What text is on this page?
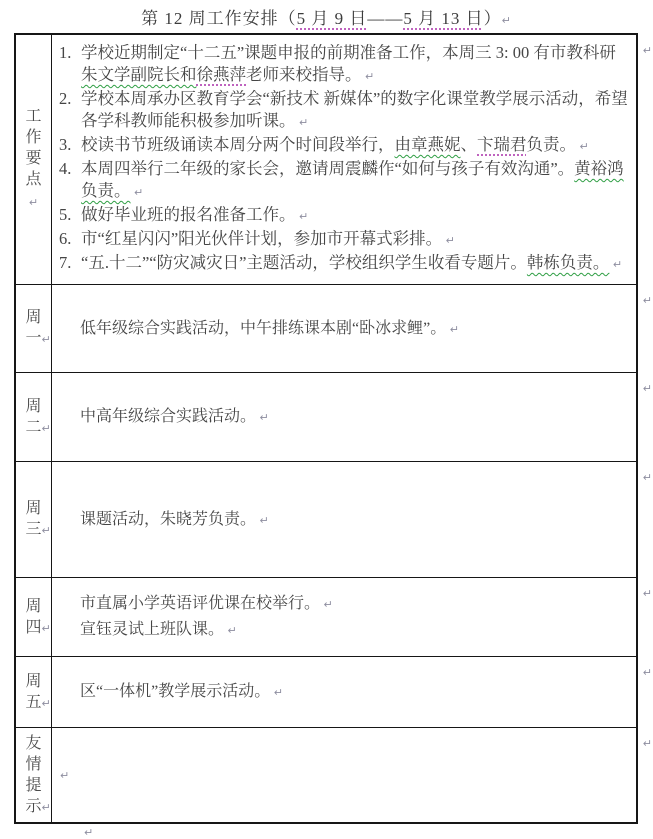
第 12 周工作安排（5 月 9 日——5 月 13 日）↵
工作要点 ↵
1. 学校近期制定“十二五”课题申报的前期准备工作，本周三 3: 00 有市教科研朱文学副院长和徐燕萍老师来校指导。 ↵
2. 学校本周承办区教育学会“新技术 新媒体”的数字化课堂教学展示活动，希望各学科教师能积极参加听课。 ↵
3. 校读书节班级诵读本周分两个时间段举行，由章燕妮、卞瑞君负责。 ↵
4. 本周四举行二年级的家长会，邀请周震麟作“如何与孩子有效沟通”。黄裕鸿负责。 ↵
5. 做好毕业班的报名准备工作。 ↵
6. 市“红星闪闪”阳光伙伴计划，参加市开幕式彩排。 ↵
7. “五.十二”“防灾减灾日”主题活动，学校组织学生收看专题片。韩栋负责。 ↵
↵
周一↵
低年级综合实践活动，中午排练课本剧“卧冰求鲤”。 ↵
↵
周二↵
中高年级综合实践活动。 ↵
↵
周三↵
课题活动，朱晓芳负责。 ↵
↵
周四↵
市直属小学英语评优课在校举行。 ↵
宣钰灵试上班队课。 ↵
↵
周五↵
区“一体机”教学展示活动。 ↵
↵
友情提示↵
↵
↵
↵
